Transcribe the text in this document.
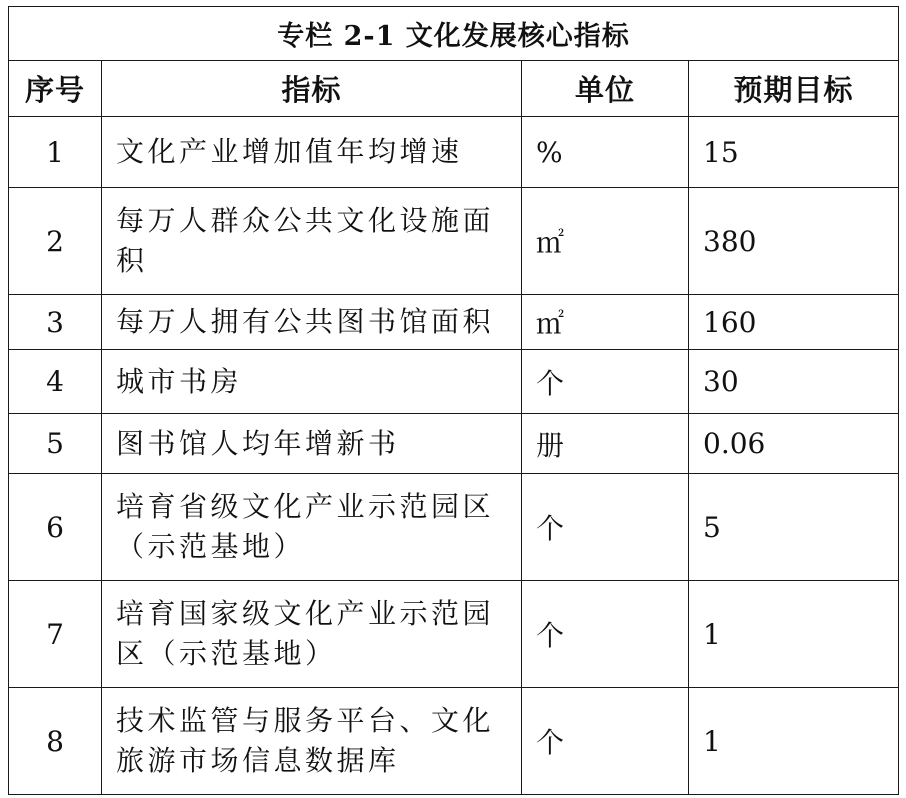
专栏 2-1 文化发展核心指标			
序号	指标	单位	预期目标
1	文化产业增加值年均增速	%	15
2	每万人群众公共文化设施面积	㎡	380
3	每万人拥有公共图书馆面积	㎡	160
4	城市书房	个	30
5	图书馆人均年增新书	册	0.06
6	培育省级文化产业示范园区（示范基地）	个	5
7	培育国家级文化产业示范园区（示范基地）	个	1
8	技术监管与服务平台、文化旅游市场信息数据库	个	1
